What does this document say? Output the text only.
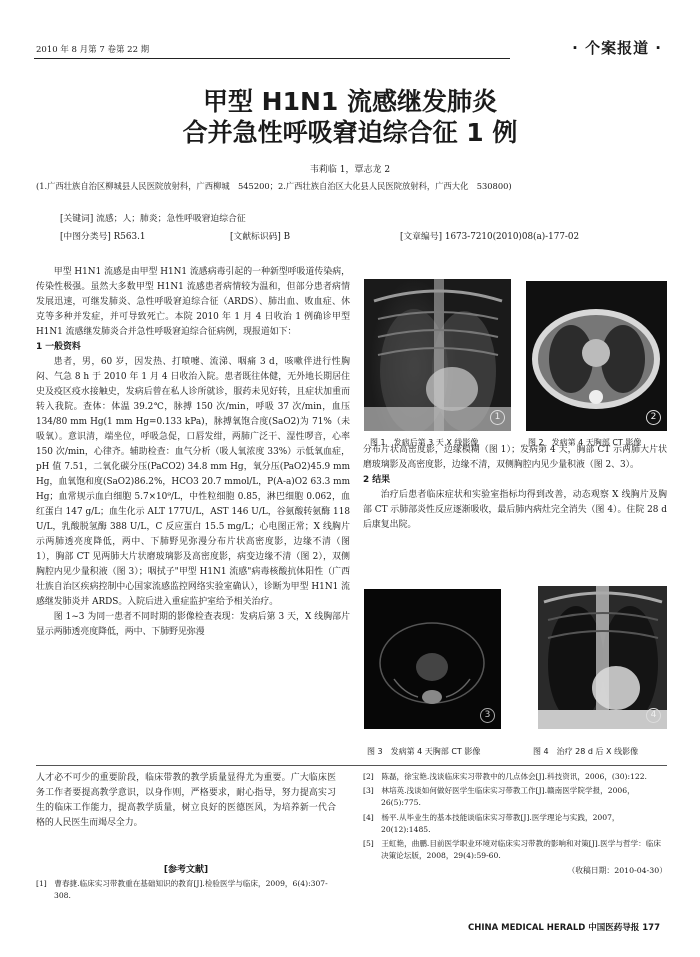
2010 年 8 月第 7 卷第 22 期	· 个案报道 ·
甲型 H1N1 流感继发肺炎
合并急性呼吸窘迫综合征 1 例
韦莉临 1，覃志龙 2
(1.广西壮族自治区柳城县人民医院放射科，广西柳城　545200；2.广西壮族自治区大化县人民医院放射科，广西大化　530800)
[关键词] 流感；人；肺炎；急性呼吸窘迫综合征
[中图分类号] R563.1	[文献标识码] B	[文章编号] 1673-7210(2010)08(a)-177-02

甲型 H1N1 流感是由甲型 H1N1 流感病毒引起的一种新型呼吸道传染病，传染性极强。虽然大多数甲型 H1N1 流感患者病情较为温和，但部分患者病情发展迅速，可继发肺炎、急性呼吸窘迫综合征（ARDS）、肺出血、败血症、休克等多种并发症，并可导致死亡。本院 2010 年 1 月 4 日收治 1 例确诊甲型 H1N1 流感继发肺炎合并急性呼吸窘迫综合征病例，现报道如下：

1 一般资料

患者，男，60 岁，因发热、打喷嚏、流涕、咽痛 3 d，咳嗽伴进行性胸闷、气急 8 h 于 2010 年 1 月 4 日收治入院。患者既往体健，无外地长期居住史及疫区疫水接触史，发病后曾在私人诊所就诊，服药未见好转，且症状加重而转入我院。查体：体温 39.2℃，脉搏 150 次/min，呼吸 37 次/min，血压 134/80 mm Hg(1 mm Hg=0.133 kPa)，脉搏氧饱合度(SaO2)为 71%（未吸氧）。意识清，端坐位，呼吸急促，口唇发绀，两肺广泛干、湿性啰音，心率 150 次/min，心律齐。辅助检查：血气分析（吸人氧浓度 33%）示低氧血症，pH 值 7.51，二氧化碳分压(PaCO2) 34.8 mm Hg，氧分压(PaO2)45.9 mm Hg，血氧饱和度(SaO2)86.2%，HCO3 20.7 mmol/L，P(A-a)O2 63.3 mm Hg；血常规示血白细胞 5.7×10⁹/L，中性粒细胞 0.85，淋巴细胞 0.062，血红蛋白 147 g/L；血生化示 ALT 177U/L，AST 146 U/L，谷氨酸转氨酶 118 U/L，乳酸脱氢酶 388 U/L，C 反应蛋白 15.5 mg/L；心电图正常；X 线胸片示两肺透亮度降低，两中、下肺野见弥漫分布片状高密度影，边缘不清（图 1），胸部 CT 见两肺大片状磨玻璃影及高密度影，病变边缘不清（图 2），双侧胸腔内见少量积液（图 3）；咽拭子"甲型 H1N1 流感"病毒核酸抗体阳性（广西壮族自治区疾病控制中心国家流感监控网络实验室确认），诊断为甲型 H1N1 流感继发肺炎并 ARDS。入院后进入重症监护室给予相关治疗。

图 1~3 为同一患者不同时期的影像检查表现：发病后第 3 天，X 线胸部片显示两肺透亮度降低，两中、下肺野见弥漫

1	2
图 1　发病后第 3 天 X 线影像	图 2　发病第 4 天胸部 CT 影像

分布片状高密度影，边缘模糊（图 1）；发病第 4 天，胸部 CT 示两肺大片状磨玻璃影及高密度影，边缘不清，双侧胸腔内见少量积液（图 2、3）。

2 结果

治疗后患者临床症状和实验室指标均得到改善，动态观察 X 线胸片及胸部 CT 示肺部炎性反应逐渐吸收，最后肺内病灶完全消失（图 4）。住院 28 d 后康复出院。

3	4
图 3　发病第 4 天胸部 CT 影像	图 4　治疗 28 d 后 X 线影像
人才必不可少的重要阶段，临床带教的教学质量显得尤为重要。广大临床医务工作者要提高教学意识，以身作则，严格要求，耐心指导，努力提高实习生的临床工作能力，提高教学质量，树立良好的医德医风，为培养新一代合格的人民医生而竭尽全力。
[参考文献]
[1]　曹春捷.临床实习带教重在基础知识的教育[J].检验医学与临床，2009，6(4):307-308.
[2]　陈磊，徐宝艳.浅谈临床实习带教中的几点体会[J].科技资讯，2006，(30):122.
[3]　林培英.浅谈如何做好医学生临床实习带教工作[J].赣南医学院学报，2006，26(5):775.
[4]　杨平.从毕业生的基本技能谈临床实习带教[J].医学理论与实践，2007，20(12):1485.
[5]　王虹艳，曲鹏.目前医学职业环境对临床实习带教的影响和对策[J].医学与哲学：临床决策论坛版，2008，29(4):59-60.
（收稿日期：2010-04-30）
CHINA MEDICAL HERALD 中国医药导报 177
